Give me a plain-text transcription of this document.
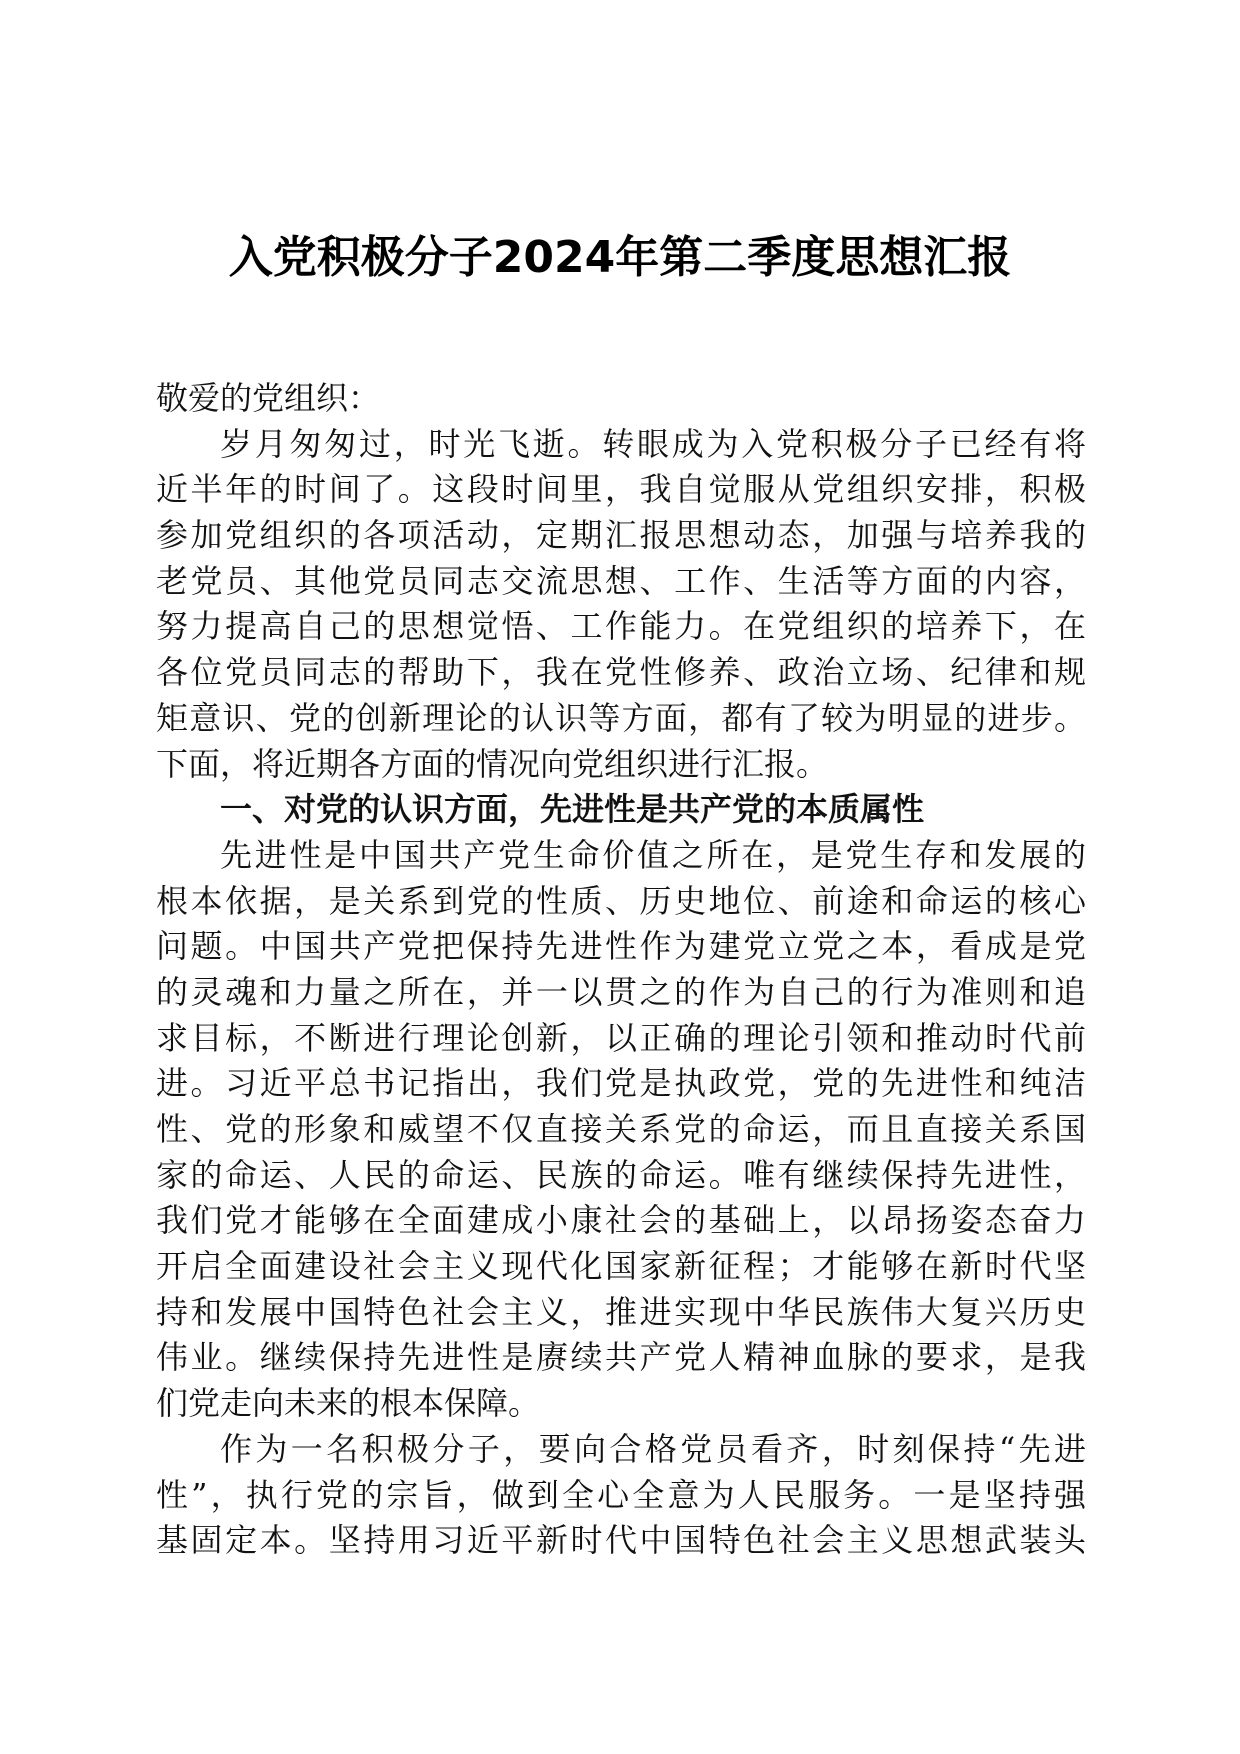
入党积极分子2024年第二季度思想汇报
敬爱的党组织：
岁月匆匆过，时光飞逝。转眼成为入党积极分子已经有将
近半年的时间了。这段时间里，我自觉服从党组织安排，积极
参加党组织的各项活动，定期汇报思想动态，加强与培养我的
老党员、其他党员同志交流思想、工作、生活等方面的内容，
努力提高自己的思想觉悟、工作能力。在党组织的培养下，在
各位党员同志的帮助下，我在党性修养、政治立场、纪律和规
矩意识、党的创新理论的认识等方面，都有了较为明显的进步。
下面，将近期各方面的情况向党组织进行汇报。
一、对党的认识方面，先进性是共产党的本质属性
先进性是中国共产党生命价值之所在，是党生存和发展的
根本依据，是关系到党的性质、历史地位、前途和命运的核心
问题。中国共产党把保持先进性作为建党立党之本，看成是党
的灵魂和力量之所在，并一以贯之的作为自己的行为准则和追
求目标，不断进行理论创新，以正确的理论引领和推动时代前
进。习近平总书记指出，我们党是执政党，党的先进性和纯洁
性、党的形象和威望不仅直接关系党的命运，而且直接关系国
家的命运、人民的命运、民族的命运。唯有继续保持先进性，
我们党才能够在全面建成小康社会的基础上，以昂扬姿态奋力
开启全面建设社会主义现代化国家新征程；才能够在新时代坚
持和发展中国特色社会主义，推进实现中华民族伟大复兴历史
伟业。继续保持先进性是赓续共产党人精神血脉的要求，是我
们党走向未来的根本保障。
作为一名积极分子，要向合格党员看齐，时刻保持“先进
性”，执行党的宗旨，做到全心全意为人民服务。一是坚持强
基固定本。坚持用习近平新时代中国特色社会主义思想武装头
